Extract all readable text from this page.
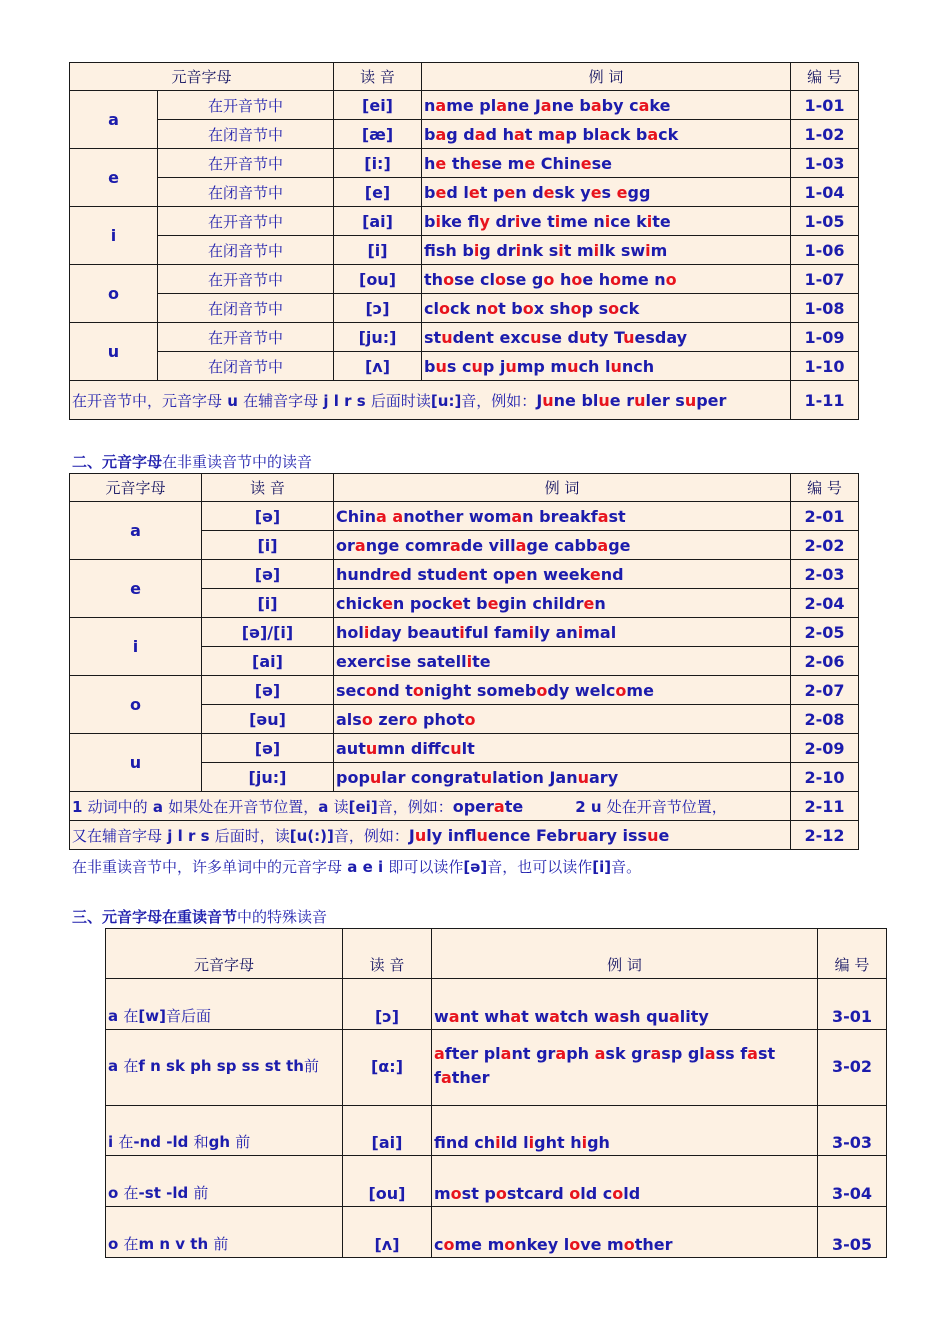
元音字母		读 音	例 词	编 号
a	在开音节中	[ei]	name plane Jane baby cake	1-01
	在闭音节中	[æ]	bag dad hat map black back	1-02
e	在开音节中	[i:]	he these me Chinese	1-03
	在闭音节中	[e]	bed let pen desk yes egg	1-04
i	在开音节中	[ai]	bike fly drive time nice kite	1-05
	在闭音节中	[i]	fsh big drink sit milk swim	1-06
o	在开音节中	[ou]	those close go hoe home no	1-07
	在闭音节中	[ɔ]	clock not box shop sock	1-08
u	在开音节中	[ju:]	student excuse duty Tuesday	1-09
	在闭音节中	[ʌ]	bus cup jump much lunch	1-10
在开音节中，元音字母 u 在辅音字母 j l r s 后面时读[u:]音，例如：June blue ruler super				1-11
二、元音字母在非重读音节中的读音
元音字母	读 音	例 词	编 号
a	[ə]	China another woman breakfast	2-01
	[i]	orange comrade village cabbage	2-02
e	[ə]	hundred student open weekend	2-03
	[i]	chicken pocket begin children	2-04
i	[ə]/[i]	holiday beautiful family animal	2-05
	[ai]	exercise satellite	2-06
o	[ə]	second tonight somebody welcome	2-07
	[əu]	also zero photo	2-08
u	[ə]	autumn diffcult	2-09
	[ju:]	popular congratulation January	2-10
1 动词中的 a 如果处在开音节位置，a 读[ei]音，例如：operate 2 u 处在开音节位置，			2-11
又在辅音字母 j l r s 后面时，读[u(:)]音，例如：July influence February issue			2-12
在非重读音节中，许多单词中的元音字母 a e i 即可以读作[ə]音，也可以读作[i]音。
三、元音字母在重读音节中的特殊读音
元音字母	读 音	例 词	编 号
a 在[w]音后面	[ɔ]	want what watch wash quality	3-01
a 在f n sk ph sp ss st th前	[α:]	after plant graph ask grasp glass fast father	3-02
i 在-nd -ld 和gh 前	[ai]	fnd child light high	3-03
o 在-st -ld 前	[ou]	most postcard old cold	3-04
o 在m n v th 前	[ʌ]	come monkey love mother	3-05
